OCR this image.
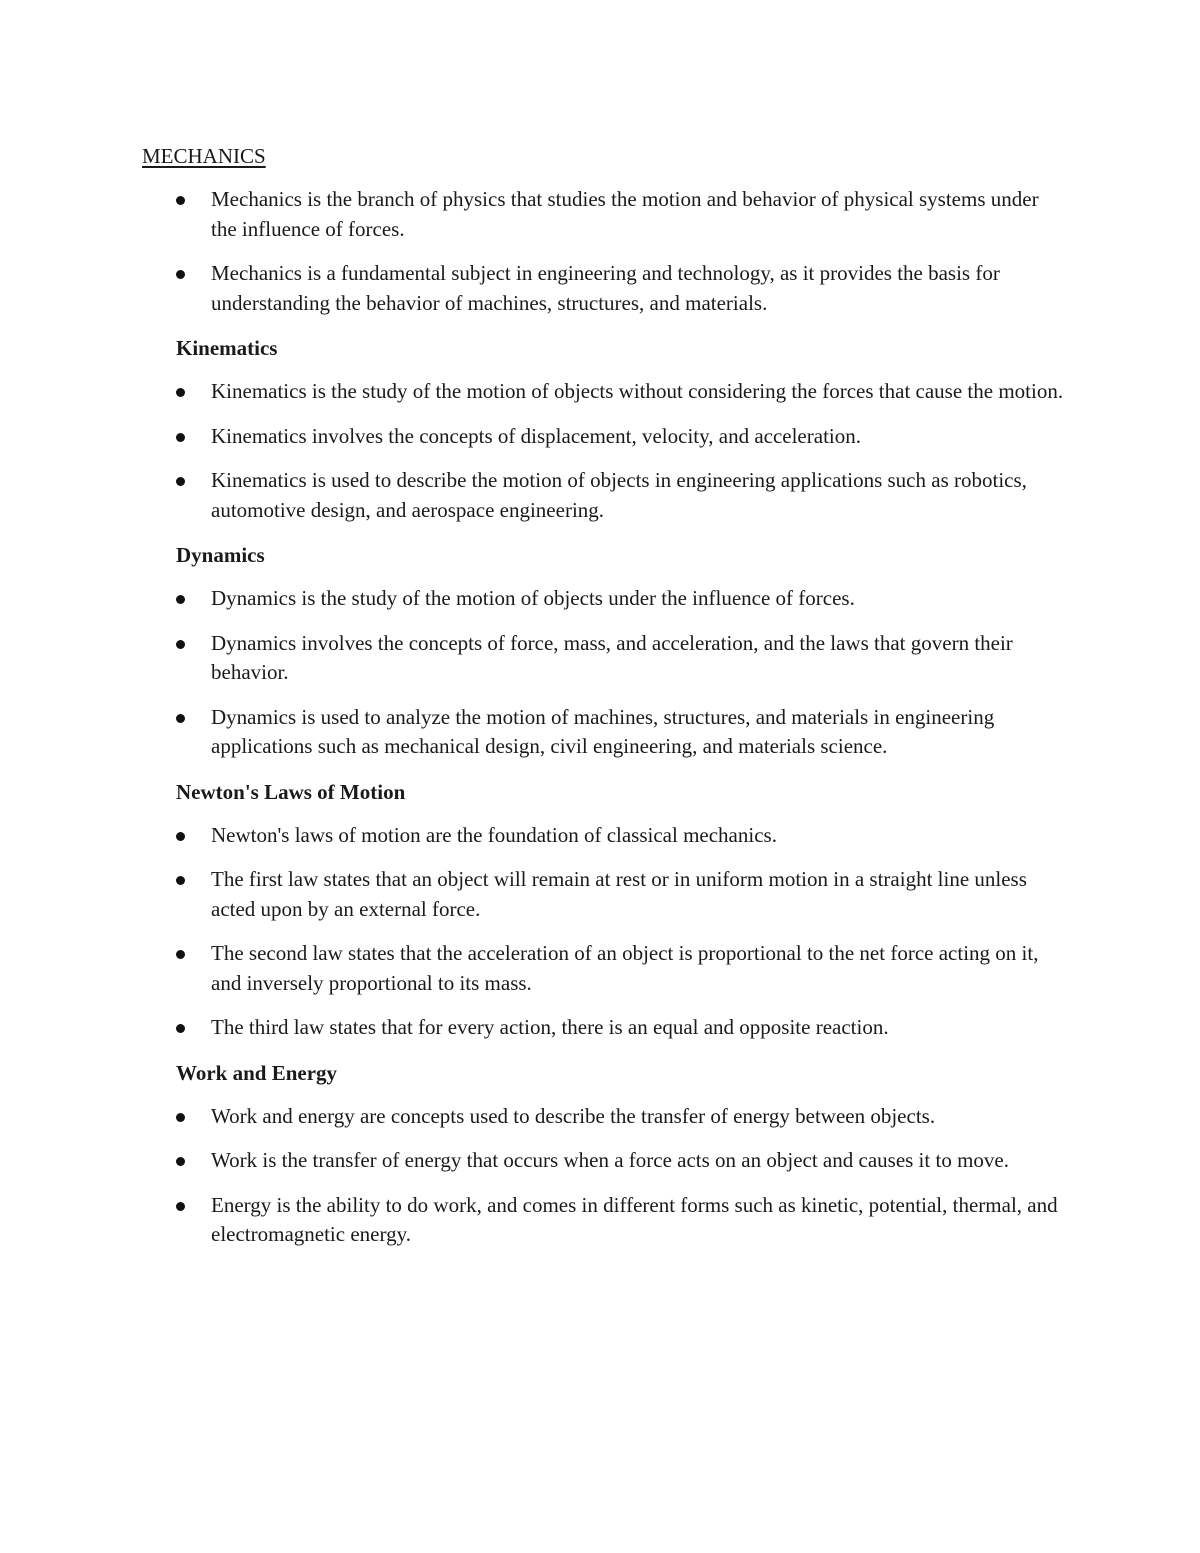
MECHANICS
Mechanics is the branch of physics that studies the motion and behavior of physical systems under the influence of forces.
Mechanics is a fundamental subject in engineering and technology, as it provides the basis for understanding the behavior of machines, structures, and materials.
Kinematics
Kinematics is the study of the motion of objects without considering the forces that cause the motion.
Kinematics involves the concepts of displacement, velocity, and acceleration.
Kinematics is used to describe the motion of objects in engineering applications such as robotics, automotive design, and aerospace engineering.
Dynamics
Dynamics is the study of the motion of objects under the influence of forces.
Dynamics involves the concepts of force, mass, and acceleration, and the laws that govern their behavior.
Dynamics is used to analyze the motion of machines, structures, and materials in engineering applications such as mechanical design, civil engineering, and materials science.
Newton's Laws of Motion
Newton's laws of motion are the foundation of classical mechanics.
The first law states that an object will remain at rest or in uniform motion in a straight line unless acted upon by an external force.
The second law states that the acceleration of an object is proportional to the net force acting on it, and inversely proportional to its mass.
The third law states that for every action, there is an equal and opposite reaction.
Work and Energy
Work and energy are concepts used to describe the transfer of energy between objects.
Work is the transfer of energy that occurs when a force acts on an object and causes it to move.
Energy is the ability to do work, and comes in different forms such as kinetic, potential, thermal, and electromagnetic energy.
